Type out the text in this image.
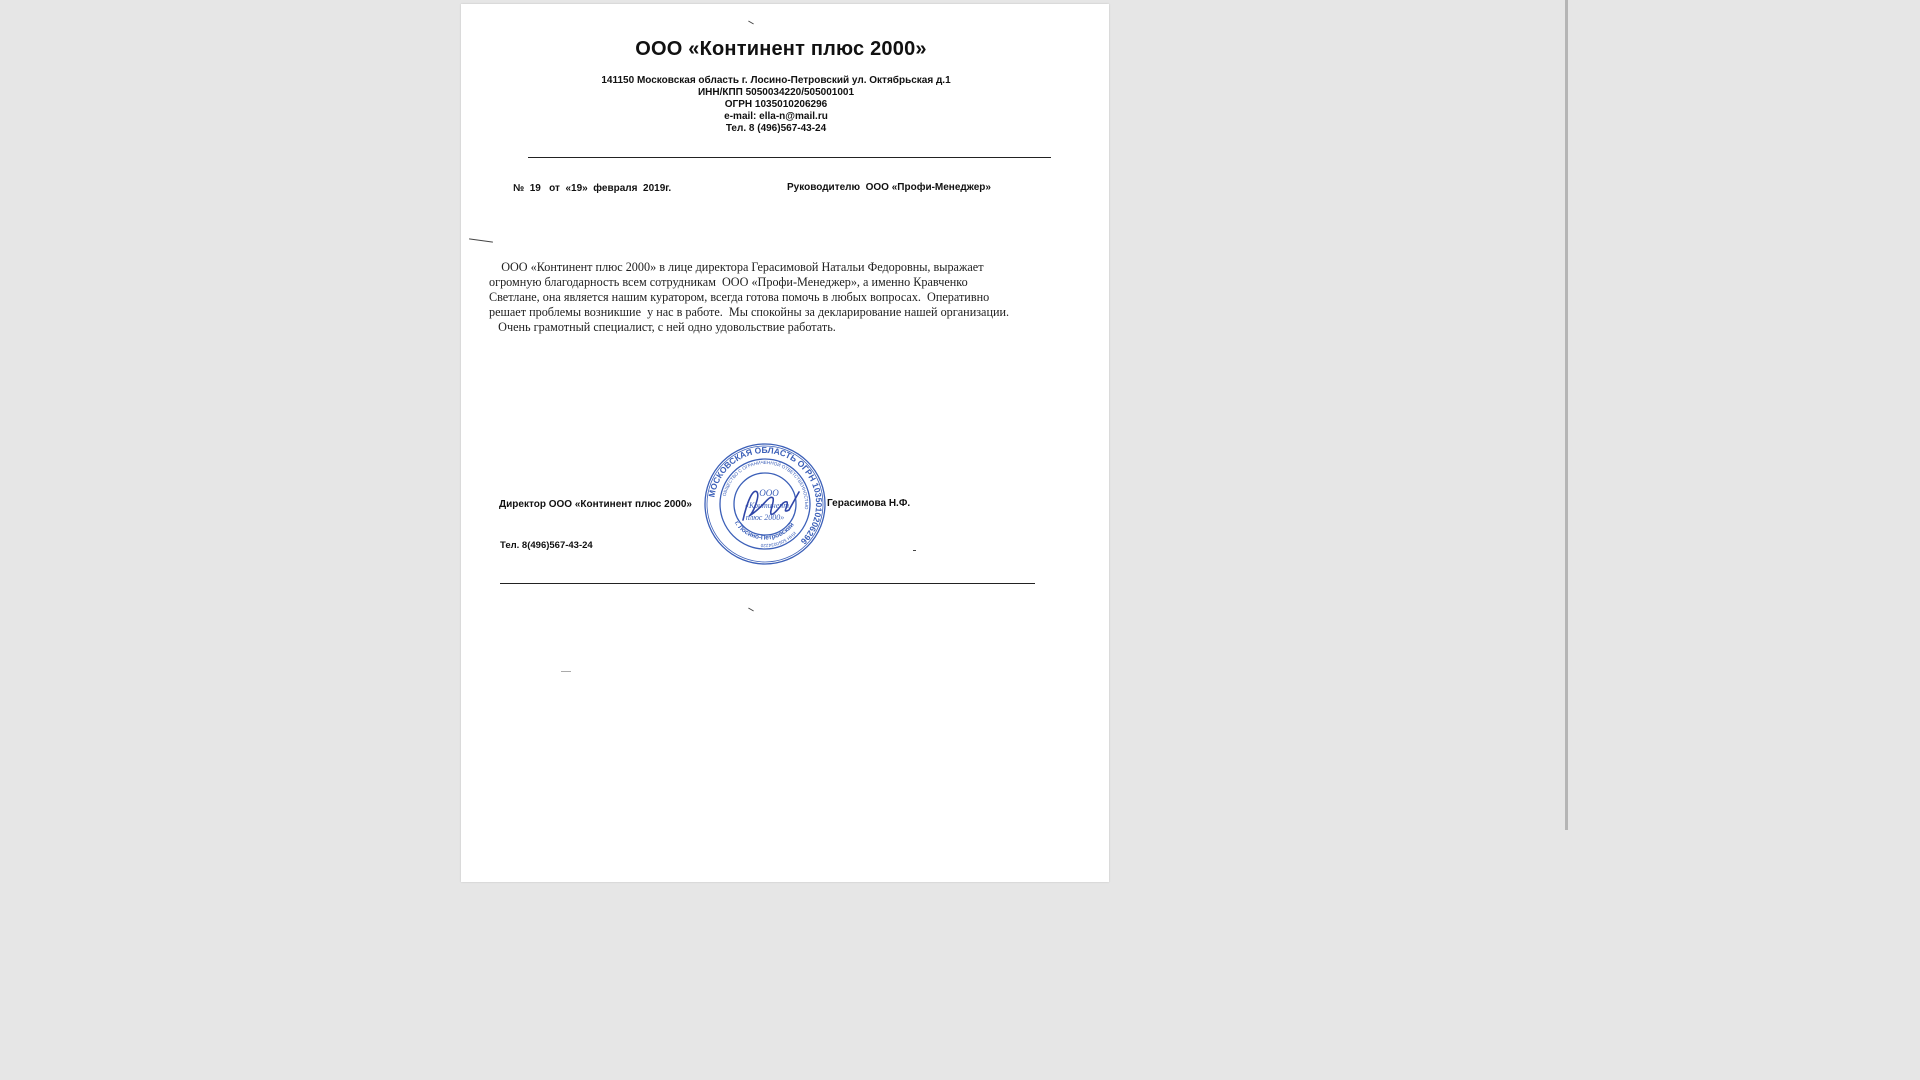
ООО «Континент плюс 2000»
141150 Московская область г. Лосино-Петровский ул. Октябрьская д.1
ИНН/КПП 5050034220/505001001
ОГРН 1035010206296
e-mail: ella-n@mail.ru
Тел. 8 (496)567-43-24
№  19   от  «19»  февраля  2019г.	Руководителю  ООО «Профи-Менеджер»

ООО «Континент плюс 2000» в лице директора Герасимовой Натальи Федоровны, выражает

огромную благодарность всем сотрудникам  ООО «Профи-Менеджер», а именно Кравченко

Светлане, она является нашим куратором, всегда готова помочь в любых вопросах.  Оперативно

решает проблемы возникшие  у нас в работе.  Мы спокойны за декларирование нашей организации.

Очень грамотный специалист, с ней одно удовольствие работать.

Директор ООО «Континент плюс 2000»	Герасимова Н.Ф.
Тел. 8(496)567-43-24
МОСКОВСКАЯ ОБЛАСТЬ ОГРН 1035010206296
ОБЩЕСТВО С ОГРАНИЧЕННОЙ ОТВЕТСТВЕННОСТЬЮ
ИНН 5050034220
г. Лосино-Петровский
ООО
«Континент
плюс 2000»
